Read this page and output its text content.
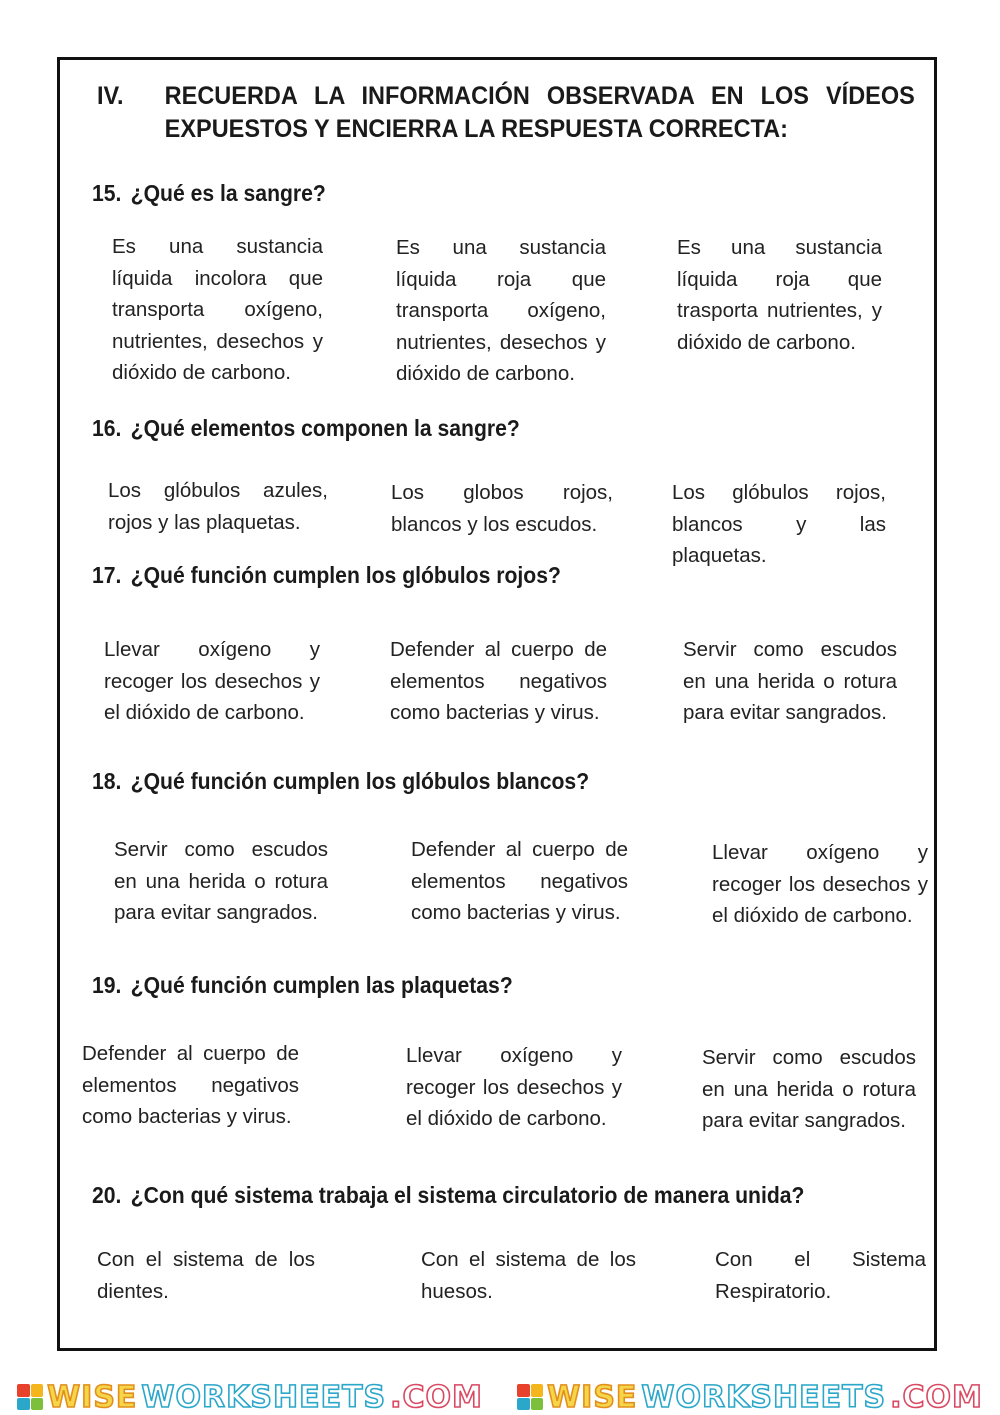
IV. RECUERDA LA INFORMACIÓN OBSERVADA EN LOS VÍDEOS EXPUESTOS Y ENCIERRA LA RESPUESTA CORRECTA:
15. ¿Qué es la sangre?
Es una sustancia líquida incolora que transporta oxígeno, nutrientes, desechos y dióxido de carbono.
Es una sustancia líquida roja que transporta oxígeno, nutrientes, desechos y dióxido de carbono.
Es una sustancia líquida roja que trasporta nutrientes, y dióxido de carbono.
16. ¿Qué elementos componen la sangre?
Los glóbulos azules, rojos y las plaquetas.
Los globos rojos, blancos y los escudos.
Los glóbulos rojos, blancos y las plaquetas.
17. ¿Qué función cumplen los glóbulos rojos?
Llevar oxígeno y recoger los desechos y el dióxido de carbono.
Defender al cuerpo de elementos negativos como bacterias y virus.
Servir como escudos en una herida o rotura para evitar sangrados.
18. ¿Qué función cumplen los glóbulos blancos?
Servir como escudos en una herida o rotura para evitar sangrados.
Defender al cuerpo de elementos negativos como bacterias y virus.
Llevar oxígeno y recoger los desechos y el dióxido de carbono.
19. ¿Qué función cumplen las plaquetas?
Defender al cuerpo de elementos negativos como bacterias y virus.
Llevar oxígeno y recoger los desechos y el dióxido de carbono.
Servir como escudos en una herida o rotura para evitar sangrados.
20. ¿Con qué sistema trabaja el sistema circulatorio de manera unida?
Con el sistema de los dientes.
Con el sistema de los huesos.
Con el Sistema Respiratorio.
WISE WORKSHEETS .COM WISE WORKSHEETS .COM
